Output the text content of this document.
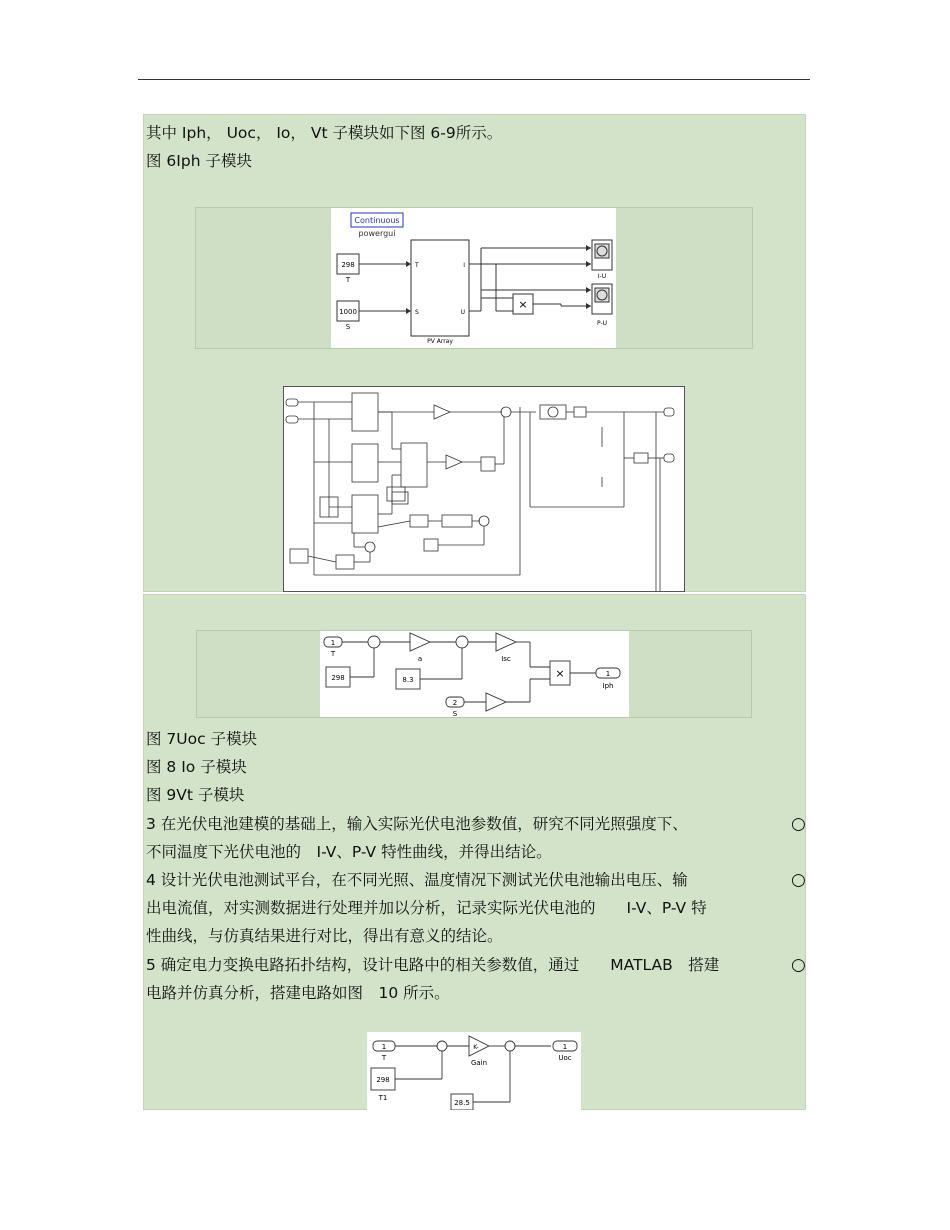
其中 Iph， Uoc， Io， Vt 子模块如下图 6-9所示。
图 6Iph 子模块
Continuous
powergui
298
T
1000
S
T
S
I
U
PV Array
×
I-U
P-U
1
T
298
a
8.3
Isc
×	1
Iph
2
S
图 7Uoc 子模块
图 8 Io 子模块
图 9Vt 子模块
3 在光伏电池建模的基础上，输入实际光伏电池参数值，研究不同光照强度下、	○
不同温度下光伏电池的　I-V、P-V 特性曲线，并得出结论。
4 设计光伏电池测试平台，在不同光照、温度情况下测试光伏电池输出电压、输	○
出电流值，对实测数据进行处理并加以分析，记录实际光伏电池的　　I-V、P-V 特
性曲线，与仿真结果进行对比，得出有意义的结论。
5 确定电力变换电路拓扑结构，设计电路中的相关参数值，通过　　MATLAB　搭建	○
电路并仿真分析，搭建电路如图　10 所示。
1
T
298
T1
K-
Gain
28.5
1
Uoc
